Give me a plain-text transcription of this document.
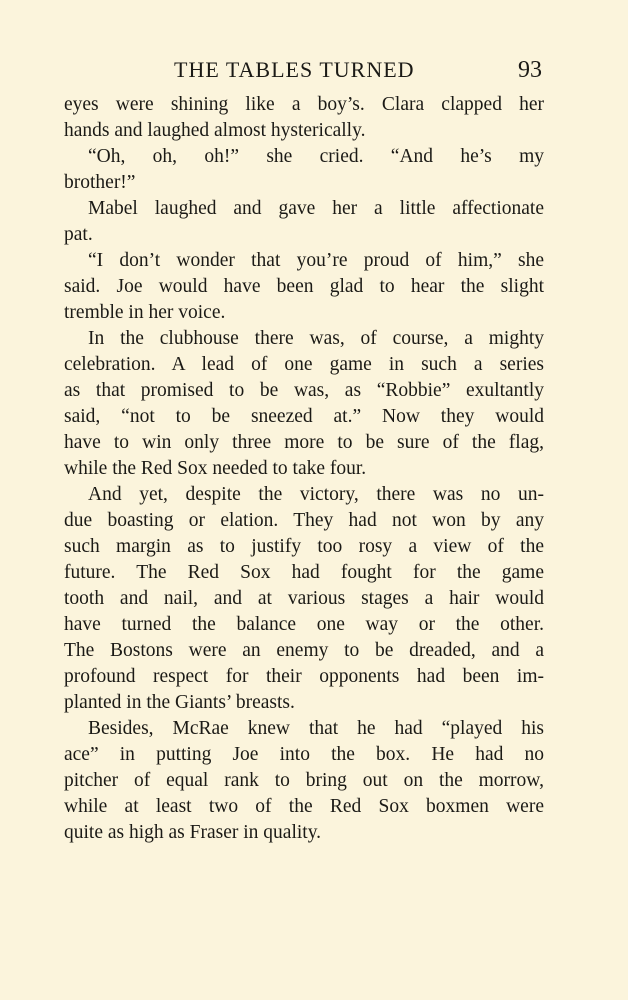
THE TABLES TURNED	93
eyes were shining like a boy’s. Clara clapped her
hands and laughed almost hysterically.
“Oh, oh, oh!” she cried. “And he’s my
brother!”
Mabel laughed and gave her a little affectionate
pat.
“I don’t wonder that you’re proud of him,” she
said. Joe would have been glad to hear the slight
tremble in her voice.
In the clubhouse there was, of course, a mighty
celebration. A lead of one game in such a series
as that promised to be was, as “Robbie” exultantly
said, “not to be sneezed at.” Now they would
have to win only three more to be sure of the flag,
while the Red Sox needed to take four.
And yet, despite the victory, there was no un-
due boasting or elation. They had not won by any
such margin as to justify too rosy a view of the
future. The Red Sox had fought for the game
tooth and nail, and at various stages a hair would
have turned the balance one way or the other.
The Bostons were an enemy to be dreaded, and a
profound respect for their opponents had been im-
planted in the Giants’ breasts.
Besides, McRae knew that he had “played his
ace” in putting Joe into the box. He had no
pitcher of equal rank to bring out on the morrow,
while at least two of the Red Sox boxmen were
quite as high as Fraser in quality.
